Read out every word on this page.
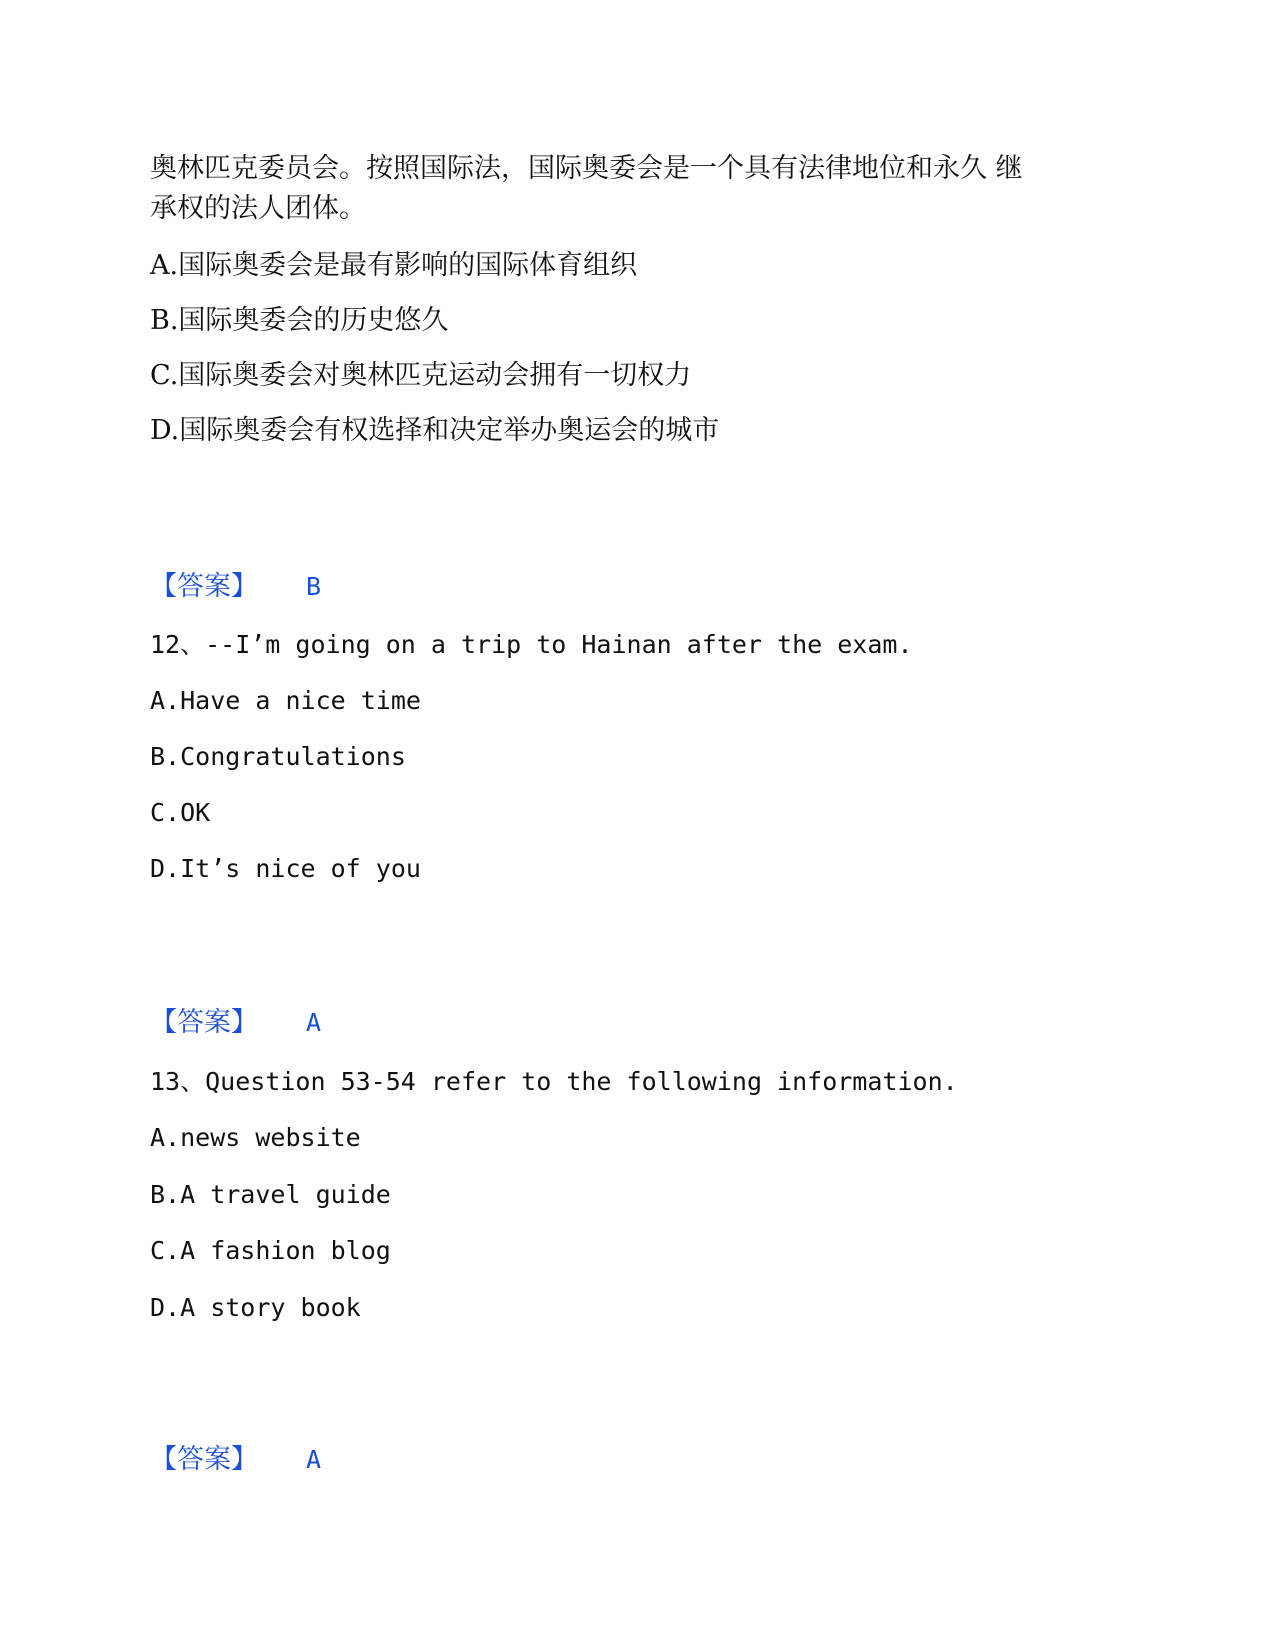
奥林匹克委员会。按照国际法，国际奥委会是一个具有法律地位和永久 继
承权的法人团体。
A.国际奥委会是最有影响的国际体育组织
B.国际奥委会的历史悠久
C.国际奥委会对奥林匹克运动会拥有一切权力
D.国际奥委会有权选择和决定举办奥运会的城市
【答案】 B
12、--I’m going on a trip to Hainan after the exam.
A.Have a nice time
B.Congratulations
C.OK
D.It’s nice of you
【答案】 A
13、Question 53-54 refer to the following information.
A.news website
B.A travel guide
C.A fashion blog
D.A story book
【答案】 A
